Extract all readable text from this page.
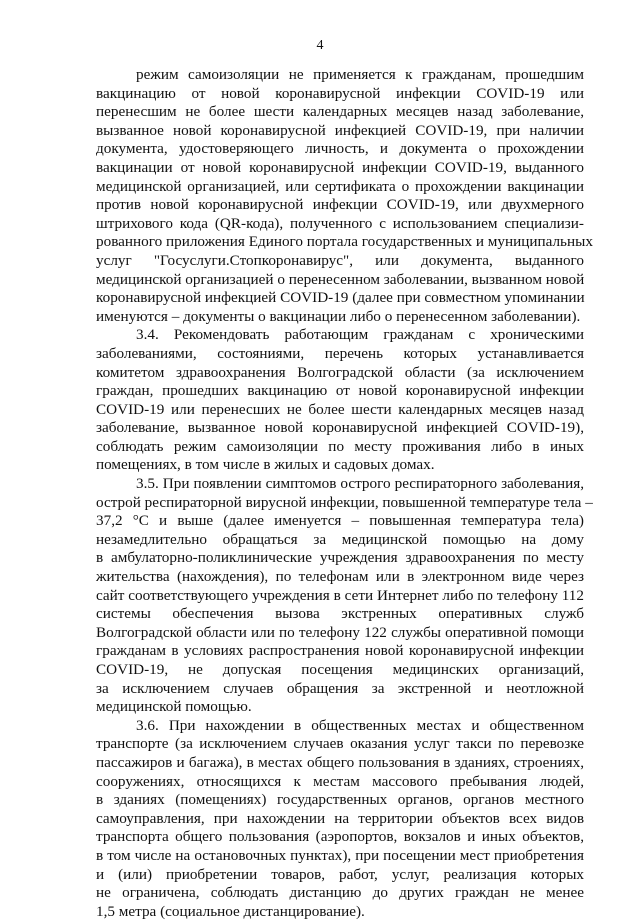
4
режим самоизоляции не применяется к гражданам, прошедшим
вакцинацию от новой коронавирусной инфекции COVID-19 или
перенесшим не более шести календарных месяцев назад заболевание,
вызванное новой коронавирусной инфекцией COVID-19, при наличии
документа, удостоверяющего личность, и документа о прохождении
вакцинации от новой коронавирусной инфекции COVID-19, выданного
медицинской организацией, или сертификата о прохождении вакцинации
против новой коронавирусной инфекции COVID-19, или двухмерного
штрихового кода (QR-кода), полученного с использованием специализи-
рованного приложения Единого портала государственных и муниципальных
услуг "Госуслуги.Стопкоронавирус", или документа, выданного
медицинской организацией о перенесенном заболевании, вызванном новой
коронавирусной инфекцией COVID-19 (далее при совместном упоминании
именуются – документы о вакцинации либо о перенесенном заболевании).
3.4. Рекомендовать работающим гражданам с хроническими
заболеваниями, состояниями, перечень которых устанавливается
комитетом здравоохранения Волгоградской области (за исключением
граждан, прошедших вакцинацию от новой коронавирусной инфекции
COVID-19 или перенесших не более шести календарных месяцев назад
заболевание, вызванное новой коронавирусной инфекцией COVID-19),
соблюдать режим самоизоляции по месту проживания либо в иных
помещениях, в том числе в жилых и садовых домах.
3.5. При появлении симптомов острого респираторного заболевания,
острой респираторной вирусной инфекции, повышенной температуре тела –
37,2 °С и выше (далее именуется – повышенная температура тела)
незамедлительно обращаться за медицинской помощью на дому
в амбулаторно-поликлинические учреждения здравоохранения по месту
жительства (нахождения), по телефонам или в электронном виде через
сайт соответствующего учреждения в сети Интернет либо по телефону 112
системы обеспечения вызова экстренных оперативных служб
Волгоградской области или по телефону 122 службы оперативной помощи
гражданам в условиях распространения новой коронавирусной инфекции
COVID-19, не допуская посещения медицинских организаций,
за исключением случаев обращения за экстренной и неотложной
медицинской помощью.
3.6. При нахождении в общественных местах и общественном
транспорте (за исключением случаев оказания услуг такси по перевозке
пассажиров и багажа), в местах общего пользования в зданиях, строениях,
сооружениях, относящихся к местам массового пребывания людей,
в зданиях (помещениях) государственных органов, органов местного
самоуправления, при нахождении на территории объектов всех видов
транспорта общего пользования (аэропортов, вокзалов и иных объектов,
в том числе на остановочных пунктах), при посещении мест приобретения
и (или) приобретении товаров, работ, услуг, реализация которых
не ограничена, соблюдать дистанцию до других граждан не менее
1,5 метра (социальное дистанцирование).
